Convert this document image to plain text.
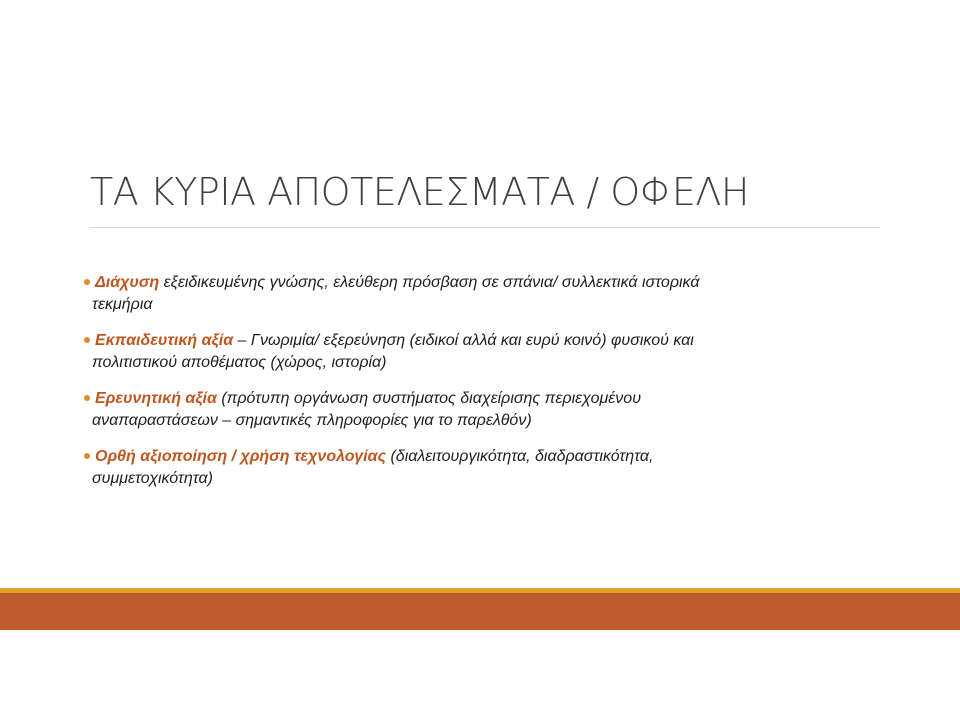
ΤΑ ΚΥΡΙΑ ΑΠΟΤΕΛΕΣΜΑΤΑ / ΟΦΕΛΗ
Διάχυση εξειδικευμένης γνώσης, ελεύθερη πρόσβαση σε σπάνια/ συλλεκτικά ιστορικά
τεκμήρια
Εκπαιδευτική αξία – Γνωριμία/ εξερεύνηση (ειδικοί αλλά και ευρύ κοινό) φυσικού και
πολιτιστικού αποθέματος (χώρος, ιστορία)
Ερευνητική αξία (πρότυπη οργάνωση συστήματος διαχείρισης περιεχομένου
αναπαραστάσεων – σημαντικές πληροφορίες για το παρελθόν)
Ορθή αξιοποίηση / χρήση τεχνολογίας (διαλειτουργικότητα, διαδραστικότητα,
συμμετοχικότητα)
